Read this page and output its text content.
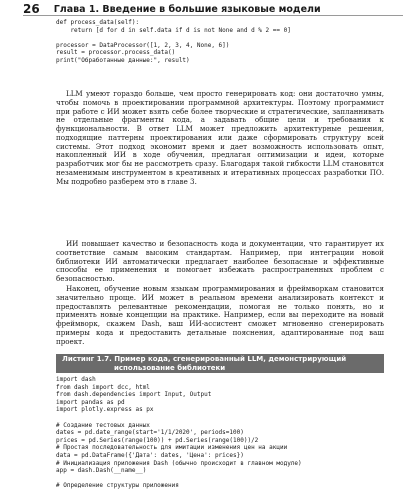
26 Глава 1. Введение в большие языковые модели
def process_data(self):
return [d for d in self.data if d is not None and d % 2 == 0]
processor = DataProcessor([1, 2, 3, 4, None, 6])
result = processor.process_data()
print("Обработанные данные:", result)

LLM умеют гораздо больше, чем просто генерировать код: они достаточно умны, чтобы помочь в проектировании программной архитектуры. Поэтому программист при работе с ИИ может взять себе более творческие и стратегические, запланнивать не отдельные фрагменты кода, а задавать общие цели и требования к функциональности. В ответ LLM может предложить архитектурные решения, подходящие паттерны проектирования или даже сформировать структуру всей системы. Этот подход экономит время и дает возможность использовать опыт, накопленный ИИ в ходе обучения, предлагая оптимизации и идеи, которые разработчик мог бы не рассмотреть сразу. Благодаря такой гибкости LLM становятся незаменимым инструментом в креативных и итеративных процессах разработки ПО. Мы подробно разберем это в главе 3.

ИИ повышает качество и безопасность кода и документации, что гарантирует их соответствие самым высоким стандартам. Например, при интеграции новой библиотеки ИИ автоматически предлагает наиболее безопасные и эффективные способы ее применения и помогает избежать распространенных проблем с безопасностью.

Наконец, обучение новым языкам программирования и фреймворкам становится значительно проще. ИИ может в реальном времени анализировать контекст и предоставлять релевантные рекомендации, помогая не только понять, но и применять новые концепции на практике. Например, если вы переходите на новый фреймворк, скажем Dash, ваш ИИ-ассистент сможет мгновенно сгенерировать примеры кода и предоставить детальные пояснения, адаптированные под ваш проект.

Листинг 1.7. Пример кода, сгенерированный LLM, демонстрирующий
использование библиотеки
import dash
from dash import dcc, html
from dash.dependencies import Input, Output
import pandas as pd
import plotly.express as px
# Создание тестовых данных
dates = pd.date_range(start='1/1/2020', periods=100)
prices = pd.Series(range(100)) + pd.Series(range(100))/2
# Простая последовательность для имитации изменения цен на акции
data = pd.DataFrame({'Дата': dates, 'Цена': prices})
# Инициализация приложения Dash (обычно происходит в главном модуле)
app = dash.Dash(__name__)
# Определение структуры приложения
